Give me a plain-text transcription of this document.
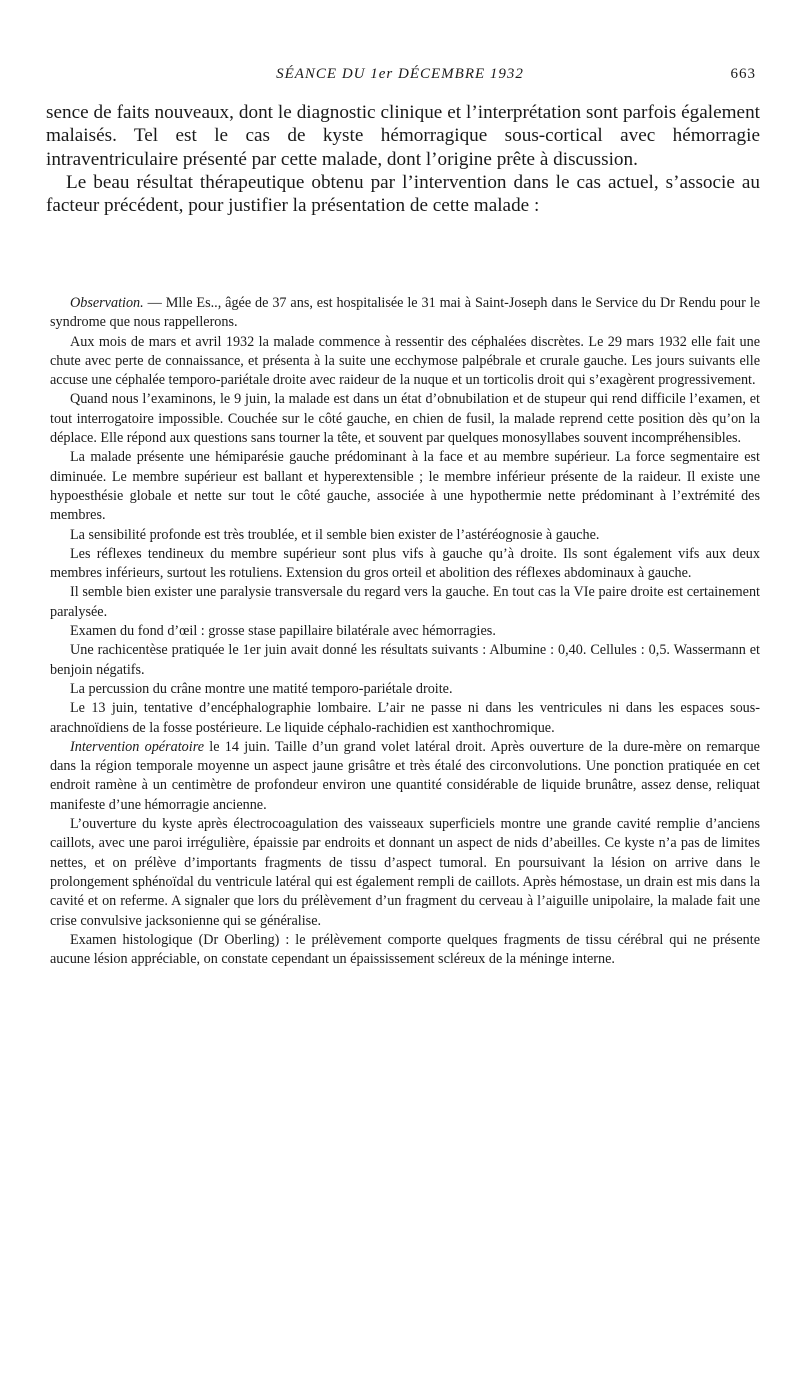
SÉANCE DU 1er DÉCEMBRE 1932	663

sence de faits nouveaux, dont le diagnostic clinique et l’interprétation sont parfois également malaisés. Tel est le cas de kyste hémorragique sous-cortical avec hémorragie intraventriculaire présenté par cette malade, dont l’origine prête à discussion.

Le beau résultat thérapeutique obtenu par l’intervention dans le cas actuel, s’associe au facteur précédent, pour justifier la présentation de cette malade :

Observation. — Mlle Es.., âgée de 37 ans, est hospitalisée le 31 mai à Saint-Joseph dans le Service du Dr Rendu pour le syndrome que nous rappellerons.

Aux mois de mars et avril 1932 la malade commence à ressentir des céphalées discrètes. Le 29 mars 1932 elle fait une chute avec perte de connaissance, et présenta à la suite une ecchymose palpébrale et crurale gauche. Les jours suivants elle accuse une céphalée temporo-pariétale droite avec raideur de la nuque et un torticolis droit qui s’exagèrent progressivement.

Quand nous l’examinons, le 9 juin, la malade est dans un état d’obnubilation et de stupeur qui rend difficile l’examen, et tout interrogatoire impossible. Couchée sur le côté gauche, en chien de fusil, la malade reprend cette position dès qu’on la déplace. Elle répond aux questions sans tourner la tête, et souvent par quelques monosyllabes souvent incompréhensibles.

La malade présente une hémiparésie gauche prédominant à la face et au membre supérieur. La force segmentaire est diminuée. Le membre supérieur est ballant et hyperextensible ; le membre inférieur présente de la raideur. Il existe une hypoesthésie globale et nette sur tout le côté gauche, associée à une hypothermie nette prédominant à l’extrémité des membres.

La sensibilité profonde est très troublée, et il semble bien exister de l’astéréognosie à gauche.

Les réflexes tendineux du membre supérieur sont plus vifs à gauche qu’à droite. Ils sont également vifs aux deux membres inférieurs, surtout les rotuliens. Extension du gros orteil et abolition des réflexes abdominaux à gauche.

Il semble bien exister une paralysie transversale du regard vers la gauche. En tout cas la VIe paire droite est certainement paralysée.

Examen du fond d’œil : grosse stase papillaire bilatérale avec hémorragies.

Une rachicentèse pratiquée le 1er juin avait donné les résultats suivants : Albumine : 0,40. Cellules : 0,5. Wassermann et benjoin négatifs.

La percussion du crâne montre une matité temporo-pariétale droite.

Le 13 juin, tentative d’encéphalographie lombaire. L’air ne passe ni dans les ventricules ni dans les espaces sous-arachnoïdiens de la fosse postérieure. Le liquide céphalo-rachidien est xanthochromique.

Intervention opératoire le 14 juin. Taille d’un grand volet latéral droit. Après ouverture de la dure-mère on remarque dans la région temporale moyenne un aspect jaune grisâtre et très étalé des circonvolutions. Une ponction pratiquée en cet endroit ramène à un centimètre de profondeur environ une quantité considérable de liquide brunâtre, assez dense, reliquat manifeste d’une hémorragie ancienne.

L’ouverture du kyste après électrocoagulation des vaisseaux superficiels montre une grande cavité remplie d’anciens caillots, avec une paroi irrégulière, épaissie par endroits et donnant un aspect de nids d’abeilles. Ce kyste n’a pas de limites nettes, et on prélève d’importants fragments de tissu d’aspect tumoral. En poursuivant la lésion on arrive dans le prolongement sphénoïdal du ventricule latéral qui est également rempli de caillots. Après hémostase, un drain est mis dans la cavité et on referme. A signaler que lors du prélèvement d’un fragment du cerveau à l’aiguille unipolaire, la malade fait une crise convulsive jacksonienne qui se généralise.

Examen histologique (Dr Oberling) : le prélèvement comporte quelques fragments de tissu cérébral qui ne présente aucune lésion appréciable, on constate cependant un épaississement scléreux de la méninge interne.
